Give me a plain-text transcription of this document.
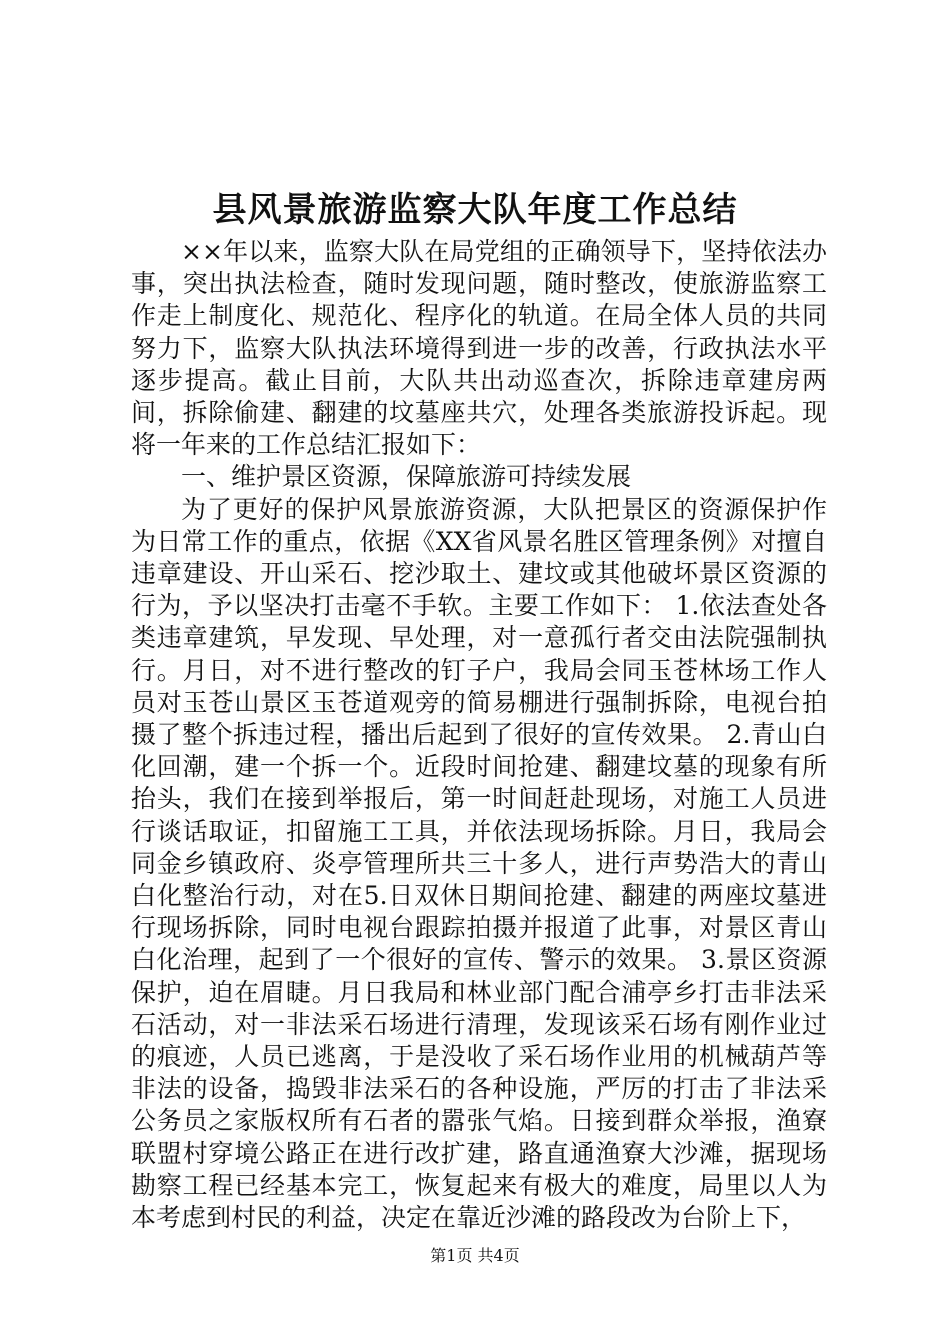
县风景旅游监察大队年度工作总结

××年以来，监察大队在局党组的正确领导下，坚持依法办事，突出执法检查，随时发现问题，随时整改，使旅游监察工作走上制度化、规范化、程序化的轨道。在局全体人员的共同努力下，监察大队执法环境得到进一步的改善，行政执法水平逐步提高。截止目前，大队共出动巡查次，拆除违章建房两间，拆除偷建、翻建的坟墓座共穴，处理各类旅游投诉起。现将一年来的工作总结汇报如下：

一、维护景区资源，保障旅游可持续发展

为了更好的保护风景旅游资源，大队把景区的资源保护作为日常工作的重点，依据《XX省风景名胜区管理条例》对擅自违章建设、开山采石、挖沙取土、建坟或其他破坏景区资源的行为，予以坚决打击毫不手软。主要工作如下： 1.依法查处各类违章建筑，早发现、早处理，对一意孤行者交由法院强制执行。月日，对不进行整改的钉子户，我局会同玉苍林场工作人员对玉苍山景区玉苍道观旁的简易棚进行强制拆除，电视台拍摄了整个拆违过程，播出后起到了很好的宣传效果。 2.青山白化回潮，建一个拆一个。近段时间抢建、翻建坟墓的现象有所抬头，我们在接到举报后，第一时间赶赴现场，对施工人员进行谈话取证，扣留施工工具，并依法现场拆除。月日，我局会同金乡镇政府、炎亭管理所共三十多人，进行声势浩大的青山白化整治行动，对在5.日双休日期间抢建、翻建的两座坟墓进行现场拆除，同时电视台跟踪拍摄并报道了此事，对景区青山白化治理，起到了一个很好的宣传、警示的效果。 3.景区资源保护，迫在眉睫。月日我局和林业部门配合浦亭乡打击非法采石活动，对一非法采石场进行清理，发现该采石场有刚作业过的痕迹，人员已逃离，于是没收了采石场作业用的机械葫芦等非法的设备，捣毁非法采石的各种设施，严厉的打击了非法采公务员之家版权所有石者的嚣张气焰。日接到群众举报，渔寮联盟村穿境公路正在进行改扩建，路直通渔寮大沙滩，据现场勘察工程已经基本完工，恢复起来有极大的难度，局里以人为本考虑到村民的利益，决定在靠近沙滩的路段改为台阶上下，

第1页 共4页
